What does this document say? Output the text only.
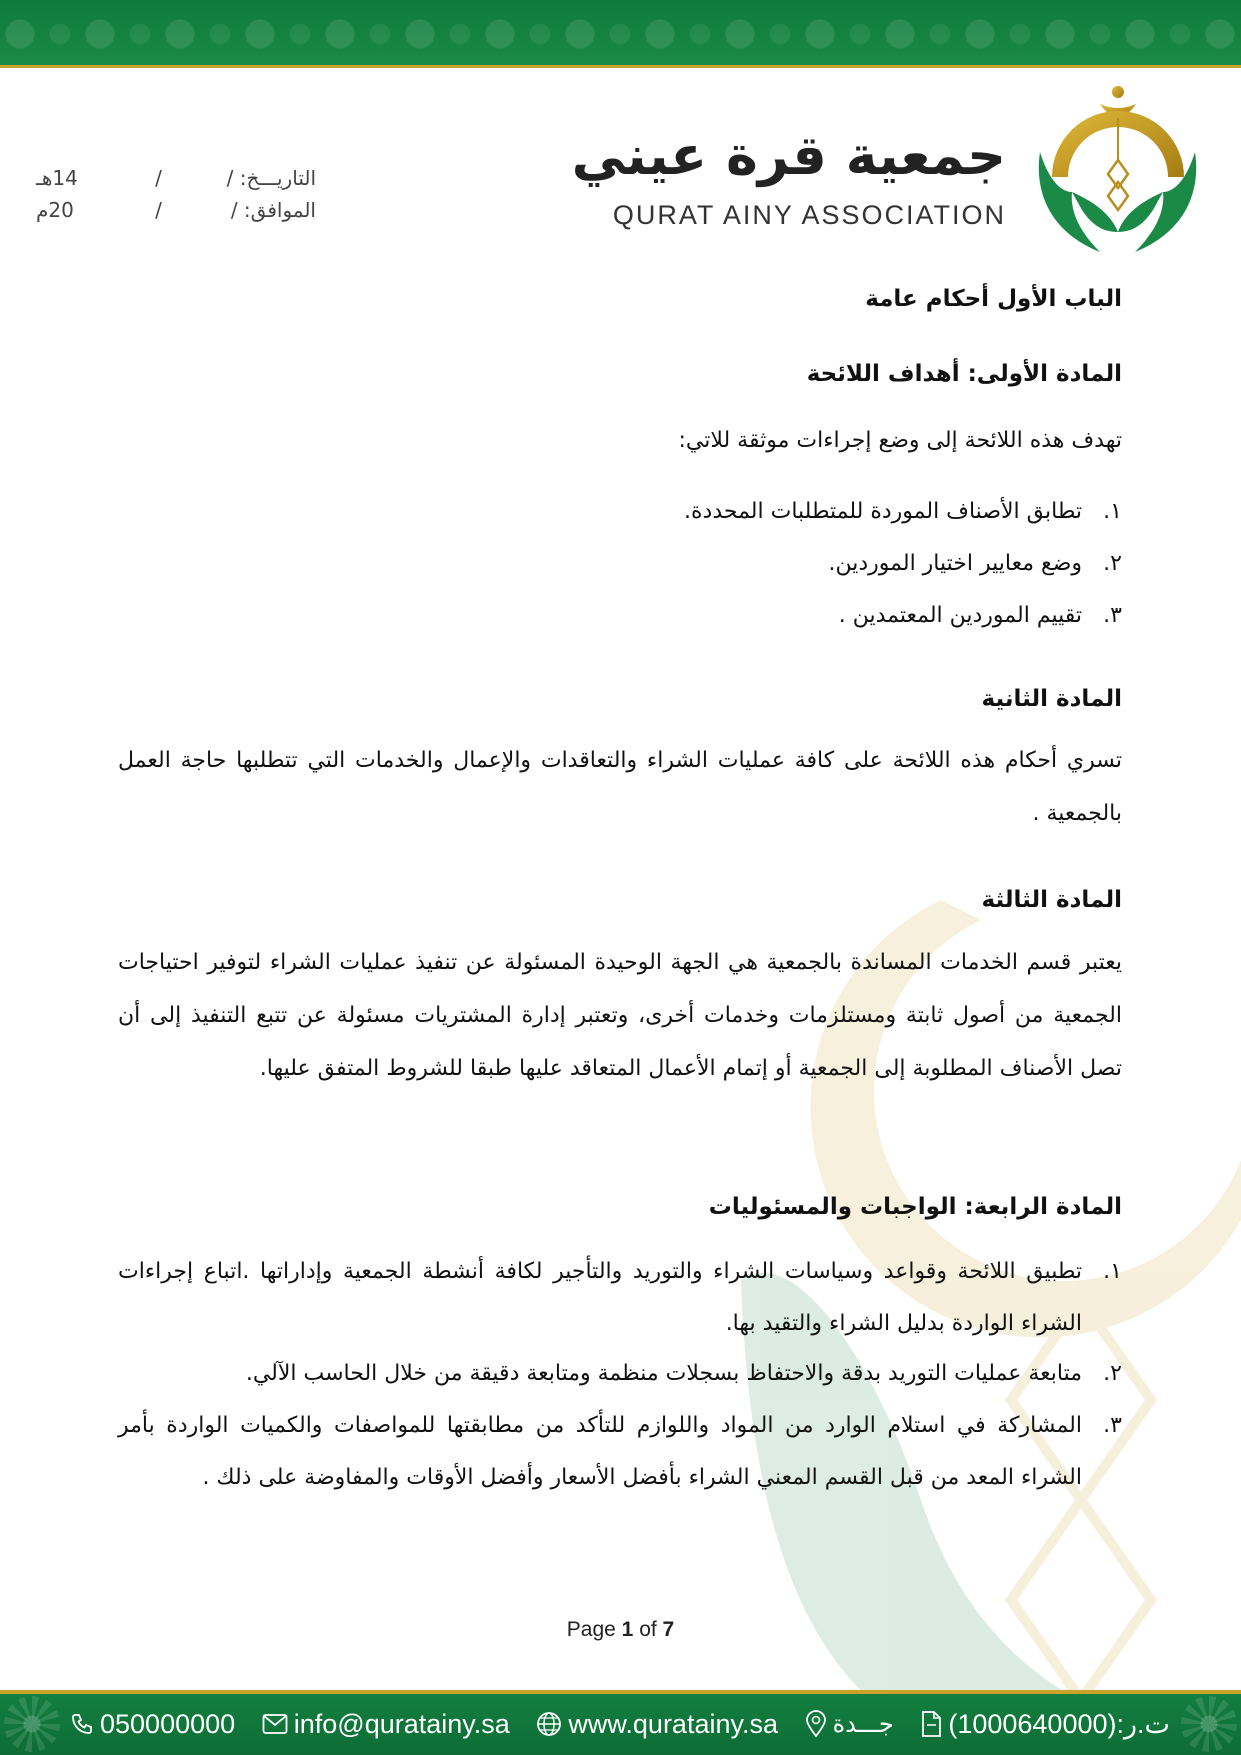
جمعية قرة عيني
QURAT AINY ASSOCIATION
التاريـــخ: /
/
14هـ
الموافق: /
/
20م
الباب الأول أحكام عامة
المادة الأولى: أهداف اللائحة
تهدف هذه اللائحة إلى وضع إجراءات موثقة للاتي:
١.
تطابق الأصناف الموردة للمتطلبات المحددة.
٢.
وضع معايير اختيار الموردين.
٣.
تقييم الموردين المعتمدين .
المادة الثانية
تسري أحكام هذه اللائحة على كافة عمليات الشراء والتعاقدات والإعمال والخدمات التي تتطلبها حاجة العمل بالجمعية .
المادة الثالثة
يعتبر قسم الخدمات المساندة بالجمعية هي الجهة الوحيدة المسئولة عن تنفيذ عمليات الشراء لتوفير احتياجات الجمعية من أصول ثابتة ومستلزمات وخدمات أخرى، وتعتبر إدارة المشتريات مسئولة عن تتبع التنفيذ إلى أن تصل الأصناف المطلوبة إلى الجمعية أو إتمام الأعمال المتعاقد عليها طبقا للشروط المتفق عليها.
المادة الرابعة: الواجبات والمسئوليات
١.
تطبيق اللائحة وقواعد وسياسات الشراء والتوريد والتأجير لكافة أنشطة الجمعية وإداراتها .اتباع إجراءات الشراء الواردة بدليل الشراء والتقيد بها.
٢.
متابعة عمليات التوريد بدقة والاحتفاظ بسجلات منظمة ومتابعة دقيقة من خلال الحاسب الآلي.
٣.
المشاركة في استلام الوارد من المواد واللوازم للتأكد من مطابقتها للمواصفات والكميات الواردة بأمر الشراء المعد من قبل القسم المعني الشراء بأفضل الأسعار وأفضل الأوقات والمفاوضة على ذلك .
Page 1 of 7
050000000 info@quratainy.sa www.quratainy.sa جـــدة ت.ر:(1000640000)
